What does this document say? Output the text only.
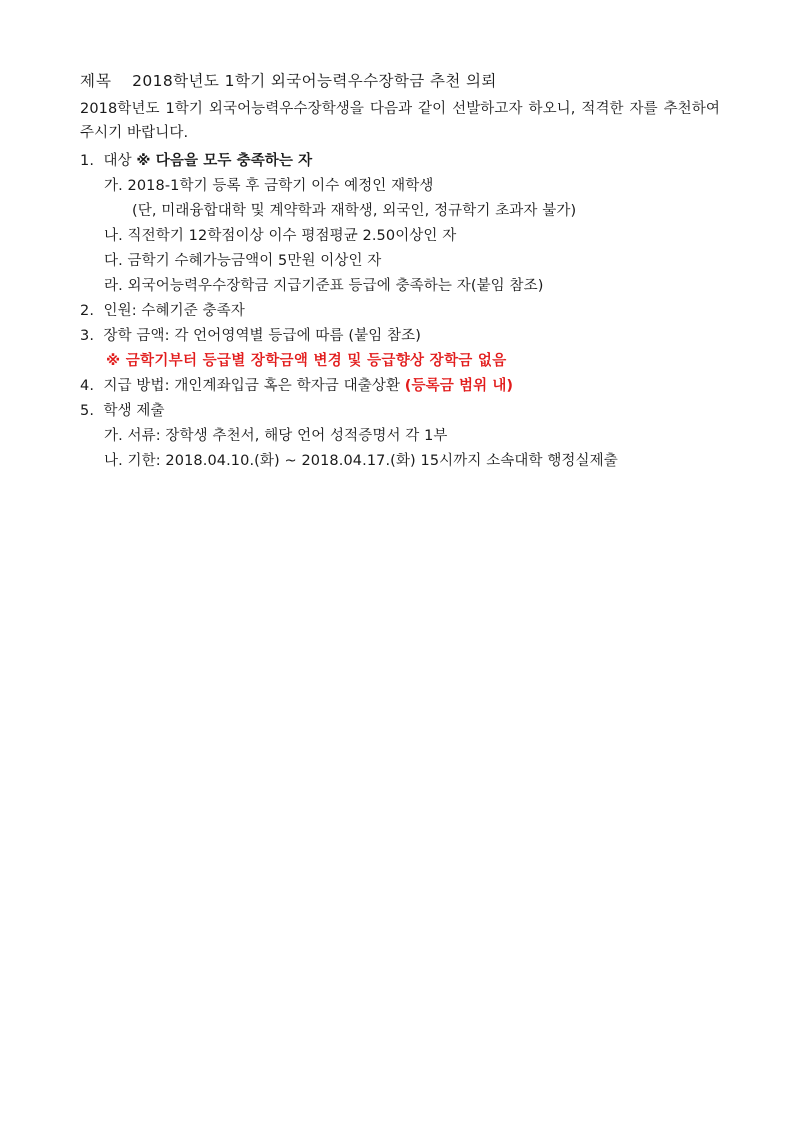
제목 2018학년도 1학기 외국어능력우수장학금 추천 의뢰

2018학년도 1학기 외국어능력우수장학생을 다음과 같이 선발하고자 하오니, 적격한 자를 추천하여 주시기 바랍니다.

1. 대상 ※ 다음을 모두 충족하는 자

가. 2018-1학기 등록 후 금학기 이수 예정인 재학생

(단, 미래융합대학 및 계약학과 재학생, 외국인, 정규학기 초과자 불가)

나. 직전학기 12학점이상 이수 평점평균 2.50이상인 자

다. 금학기 수혜가능금액이 5만원 이상인 자

라. 외국어능력우수장학금 지급기준표 등급에 충족하는 자(붙임 참조)

2. 인원: 수혜기준 충족자

3. 장학 금액: 각 언어영역별 등급에 따름 (붙임 참조)

※ 금학기부터 등급별 장학금액 변경 및 등급향상 장학금 없음

4. 지급 방법: 개인계좌입금 혹은 학자금 대출상환 (등록금 범위 내)

5. 학생 제출

가. 서류: 장학생 추천서, 해당 언어 성적증명서 각 1부

나. 기한: 2018.04.10.(화) ~ 2018.04.17.(화) 15시까지 소속대학 행정실제출
